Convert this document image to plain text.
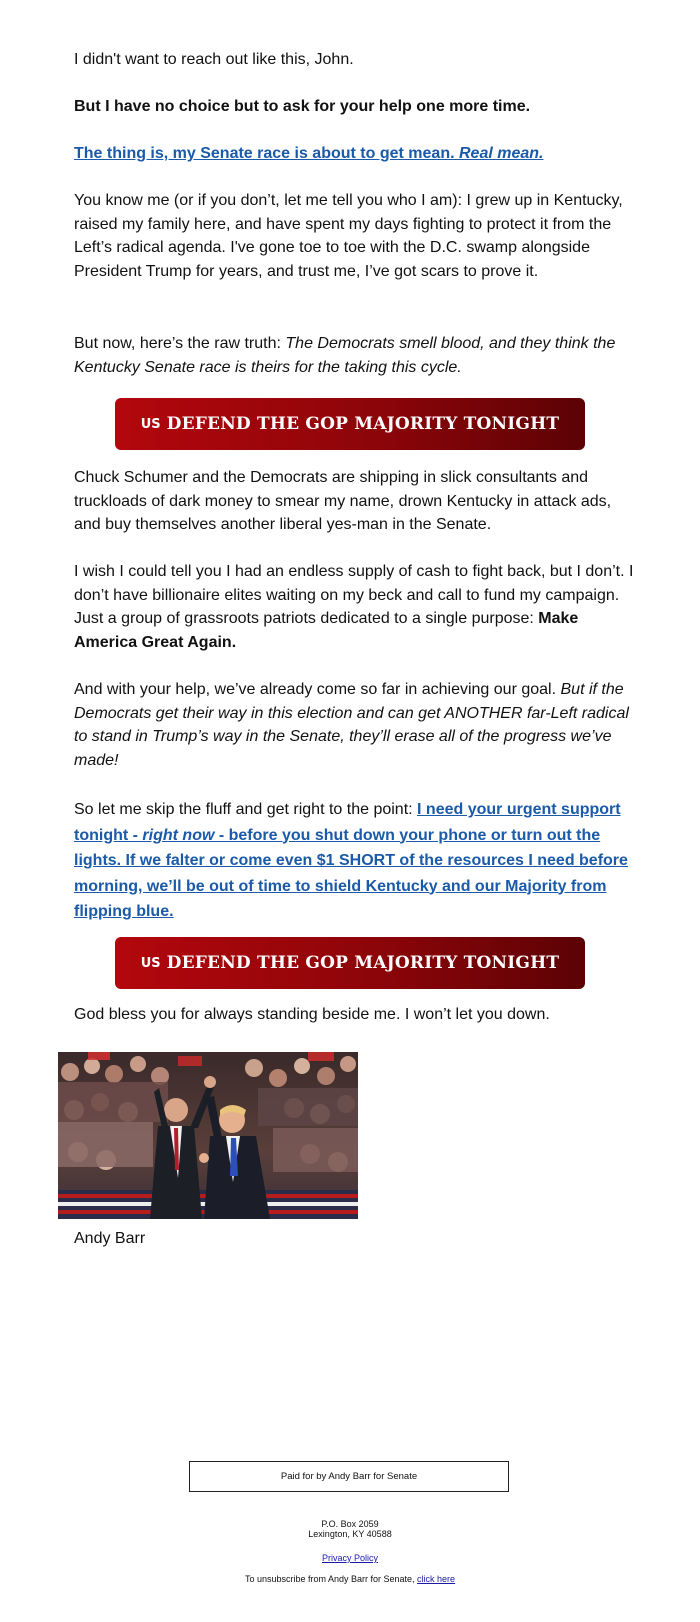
I didn't want to reach out like this, John.

But I have no choice but to ask for your help one more time.

The thing is, my Senate race is about to get mean. Real mean.

You know me (or if you don’t, let me tell you who I am): I grew up in Kentucky, raised my family here, and have spent my days fighting to protect it from the Left’s radical agenda. I've gone toe to toe with the D.C. swamp alongside President Trump for years, and trust me, I’ve got scars to prove it.

But now, here’s the raw truth: The Democrats smell blood, and they think the Kentucky Senate race is theirs for the taking this cycle.

US DEFEND THE GOP MAJORITY TONIGHT

Chuck Schumer and the Democrats are shipping in slick consultants and truckloads of dark money to smear my name, drown Kentucky in attack ads, and buy themselves another liberal yes-man in the Senate.

I wish I could tell you I had an endless supply of cash to fight back, but I don’t. I don’t have billionaire elites waiting on my beck and call to fund my campaign. Just a group of grassroots patriots dedicated to a single purpose: Make America Great Again.

And with your help, we’ve already come so far in achieving our goal. But if the Democrats get their way in this election and can get ANOTHER far-Left radical to stand in Trump’s way in the Senate, they’ll erase all of the progress we’ve made!

So let me skip the fluff and get right to the point: I need your urgent support tonight - right now - before you shut down your phone or turn out the lights. If we falter or come even $1 SHORT of the resources I need before morning, we’ll be out of time to shield Kentucky and our Majority from flipping blue.

US DEFEND THE GOP MAJORITY TONIGHT

God bless you for always standing beside me. I won’t let you down.

Andy Barr

Paid for by Andy Barr for Senate
P.O. Box 2059
Lexington, KY 40588
Privacy Policy
To unsubscribe from Andy Barr for Senate, click here
